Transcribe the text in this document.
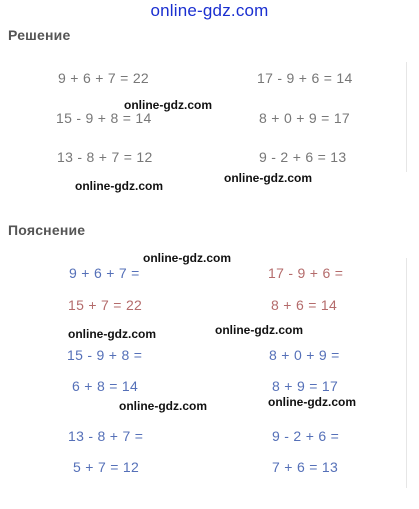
online-gdz.com
Решение
9 + 6 + 7 = 22
15 - 9 + 8 = 14
13 - 8 + 7 = 12
17 - 9 + 6 = 14
8 + 0 + 9 = 17
9 - 2 + 6 = 13
Пояснение
9 + 6 + 7 =
15 + 7 = 22
15 - 9 + 8 =
6 + 8 = 14
13 - 8 + 7 =
5 + 7 = 12
17 - 9 + 6 =
8 + 6 = 14
8 + 0 + 9 =
8 + 9 = 17
9 - 2 + 6 =
7 + 6 = 13
online-gdz.com
online-gdz.com
online-gdz.com
online-gdz.com
online-gdz.com	online-gdz.com
online-gdz.com	online-gdz.com
